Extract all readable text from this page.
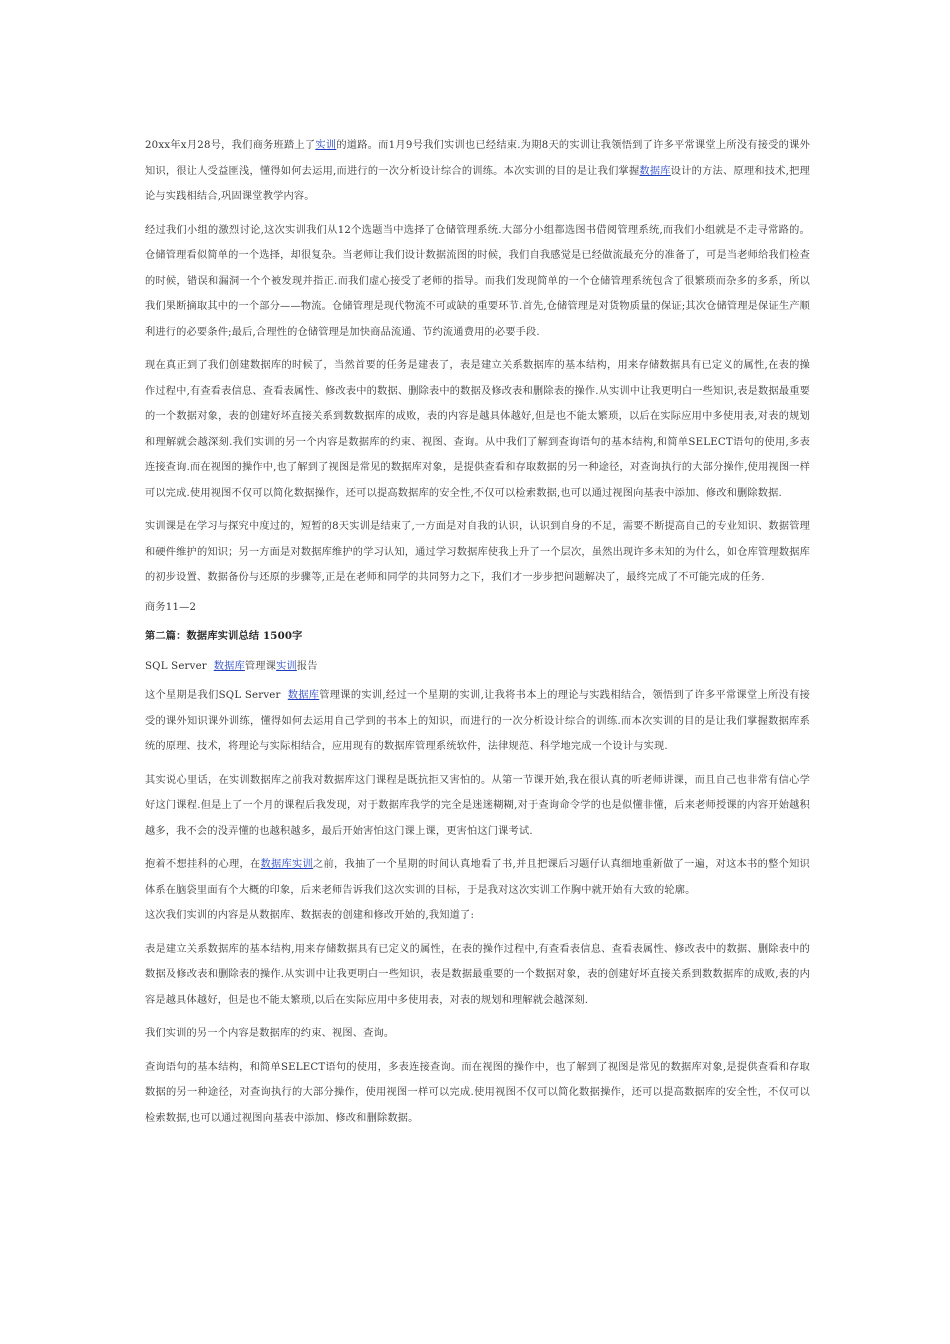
20xx年x月28号，我们商务班踏上了实训的道路。而1月9号我们实训也已经结束.为期8天的实训让我领悟到了许多平常课堂上所没有接受的课外知识，很让人受益匪浅，懂得如何去运用,而进行的一次分析设计综合的训练。本次实训的目的是让我们掌握数据库设计的方法、原理和技术,把理论与实践相结合,巩固课堂教学内容。

经过我们小组的激烈讨论,这次实训我们从12个选题当中选择了仓储管理系统.大部分小组都选图书借阅管理系统,而我们小组就是不走寻常路的。 仓储管理看似简单的一个选择，却很复杂。当老师让我们设计数据流图的时候，我们自我感觉是已经做流最充分的准备了，可是当老师给我们检查的时候，错误和漏洞一个个被发现并指正.而我们虚心接受了老师的指导。而我们发现简单的一个仓储管理系统包含了很繁琐而杂多的多系，所以我们果断摘取其中的一个部分——物流。仓储管理是现代物流不可或缺的重要环节.首先,仓储管理是对货物质量的保证;其次仓储管理是保证生产顺利进行的必要条件;最后,合理性的仓储管理是加快商品流通、节约流通费用的必要手段.

现在真正到了我们创建数据库的时候了，当然首要的任务是建表了，表是建立关系数据库的基本结构，用来存储数据具有已定义的属性,在表的操作过程中,有查看表信息、查看表属性、修改表中的数据、删除表中的数据及修改表和删除表的操作.从实训中让我更明白一些知识,表是数据最重要的一个数据对象，表的创建好坏直接关系到数数据库的成败，表的内容是越具体越好,但是也不能太繁琐，以后在实际应用中多使用表,对表的规划和理解就会越深刻.我们实训的另一个内容是数据库的约束、视图、查询。从中我们了解到查询语句的基本结构,和简单SELECT语句的使用,多表连接查询.而在视图的操作中,也了解到了视图是常见的数据库对象，是提供查看和存取数据的另一种途径，对查询执行的大部分操作,使用视图一样可以完成.使用视图不仅可以简化数据操作，还可以提高数据库的安全性,不仅可以检索数据,也可以通过视图向基表中添加、修改和删除数据.

实训课是在学习与探究中度过的，短暂的8天实训是结束了,一方面是对自我的认识，认识到自身的不足，需要不断提高自己的专业知识、数据管理和硬件维护的知识；另一方面是对数据库维护的学习认知，通过学习数据库使我上升了一个层次，虽然出现许多未知的为什么，如仓库管理数据库的初步设置、数据备份与还原的步骤等,正是在老师和同学的共同努力之下，我们才一步步把问题解决了，最终完成了不可能完成的任务.

商务11—2

第二篇：数据库实训总结 1500字

SQL Server  数据库管理课实训报告

这个星期是我们SQL Server  数据库管理课的实训,经过一个星期的实训,让我将书本上的理论与实践相结合，领悟到了许多平常课堂上所没有接受的课外知识课外训练，懂得如何去运用自己学到的书本上的知识，而进行的一次分析设计综合的训练.而本次实训的目的是让我们掌握数据库系统的原理、技术，将理论与实际相结合，应用现有的数据库管理系统软件，法律规范、科学地完成一个设计与实现.

其实说心里话，在实训数据库之前我对数据库这门课程是既抗拒又害怕的。从第一节课开始,我在很认真的听老师讲课，而且自己也非常有信心学好这门课程.但是上了一个月的课程后我发现，对于数据库我学的完全是迷迷糊糊,对于查询命令学的也是似懂非懂，后来老师授课的内容开始越积越多，我不会的没弄懂的也越积越多，最后开始害怕这门课上课，更害怕这门课考试.

抱着不想挂科的心理，在数据库实训之前，我抽了一个星期的时间认真地看了书,并且把课后习题仔认真细地重新做了一遍，对这本书的整个知识体系在脑袋里面有个大概的印象，后来老师告诉我们这次实训的目标，于是我对这次实训工作胸中就开始有大致的轮廓。

这次我们实训的内容是从数据库、数据表的创建和修改开始的,我知道了:

表是建立关系数据库的基本结构,用来存储数据具有已定义的属性，在表的操作过程中,有查看表信息、查看表属性、修改表中的数据、删除表中的数据及修改表和删除表的操作.从实训中让我更明白一些知识，表是数据最重要的一个数据对象，表的创建好坏直接关系到数数据库的成败,表的内容是越具体越好，但是也不能太繁琐,以后在实际应用中多使用表，对表的规划和理解就会越深刻.

我们实训的另一个内容是数据库的约束、视图、查询。

查询语句的基本结构，和简单SELECT语句的使用，多表连接查询。而在视图的操作中，也了解到了视图是常见的数据库对象,是提供查看和存取数据的另一种途径，对查询执行的大部分操作，使用视图一样可以完成.使用视图不仅可以简化数据操作，还可以提高数据库的安全性，不仅可以检索数据,也可以通过视图向基表中添加、修改和删除数据。
